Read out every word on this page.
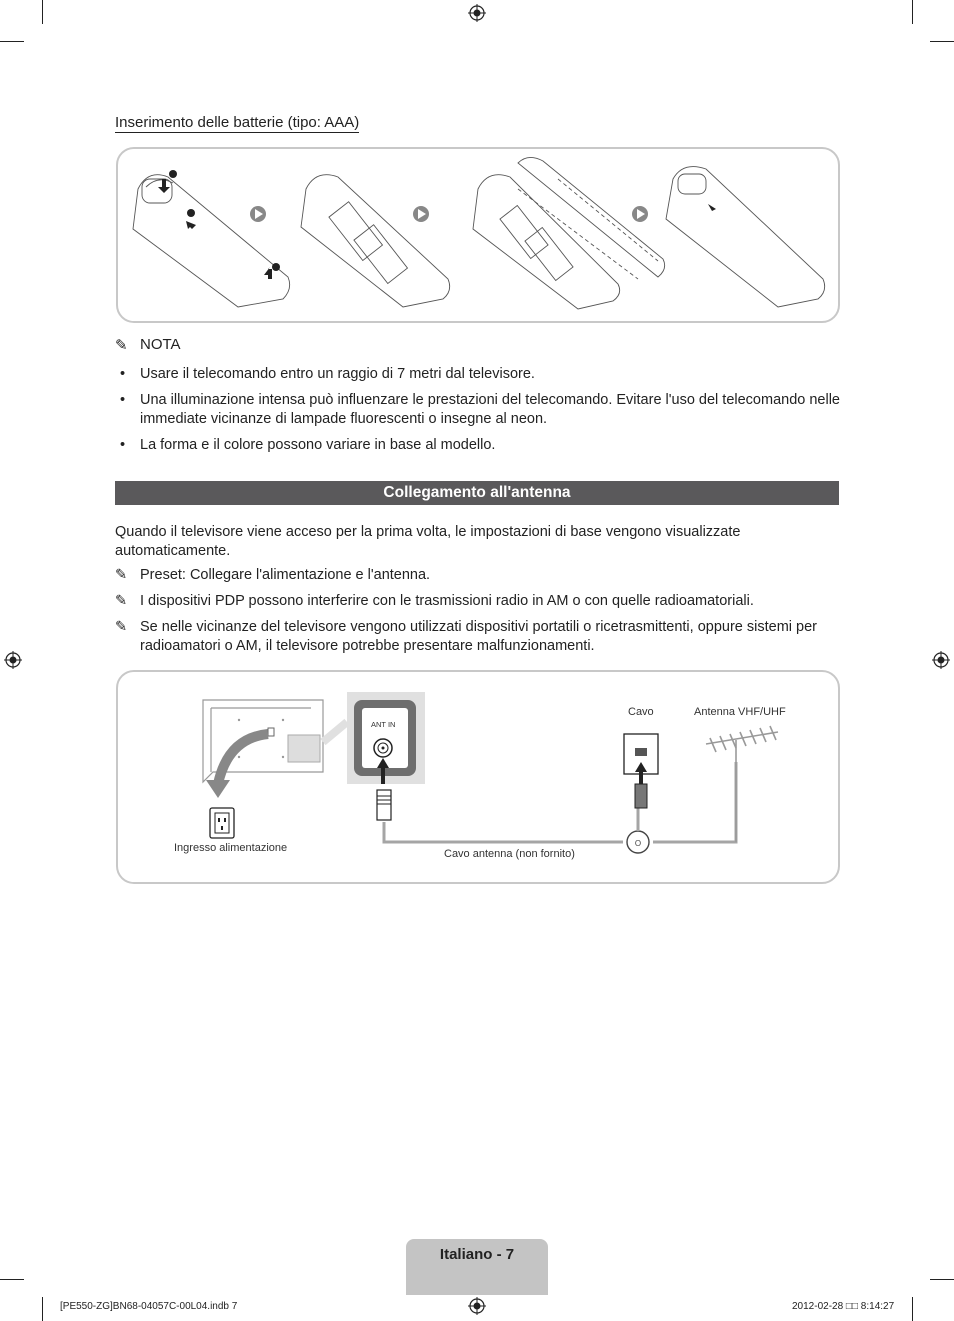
Inserimento delle batterie (tipo: AAA)
✎ NOTA
• Usare il telecomando entro un raggio di 7 metri dal televisore.
• Una illuminazione intensa può influenzare le prestazioni del telecomando. Evitare l'uso del telecomando nelle immediate vicinanze di lampade fluorescenti o insegne al neon.
• La forma e il colore possono variare in base al modello.
Collegamento all'antenna
Quando il televisore viene acceso per la prima volta, le impostazioni di base vengono visualizzate automaticamente.
✎ Preset: Collegare l'alimentazione e l'antenna.
✎ I dispositivi PDP possono interferire con le trasmissioni radio in AM o con quelle radioamatoriali.
✎ Se nelle vicinanze del televisore vengono utilizzati dispositivi portatili o ricetrasmittenti, oppure sistemi per radioamatori o AM, il televisore potrebbe presentare malfunzionamenti.
O
ANT IN
Cavo	Antenna VHF/UHF
Ingresso alimentazione	Cavo antenna (non fornito)
Italiano - 7
[PE550-ZG]BN68-04057C-00L04.indb 7	2012-02-28 □□ 8:14:27
